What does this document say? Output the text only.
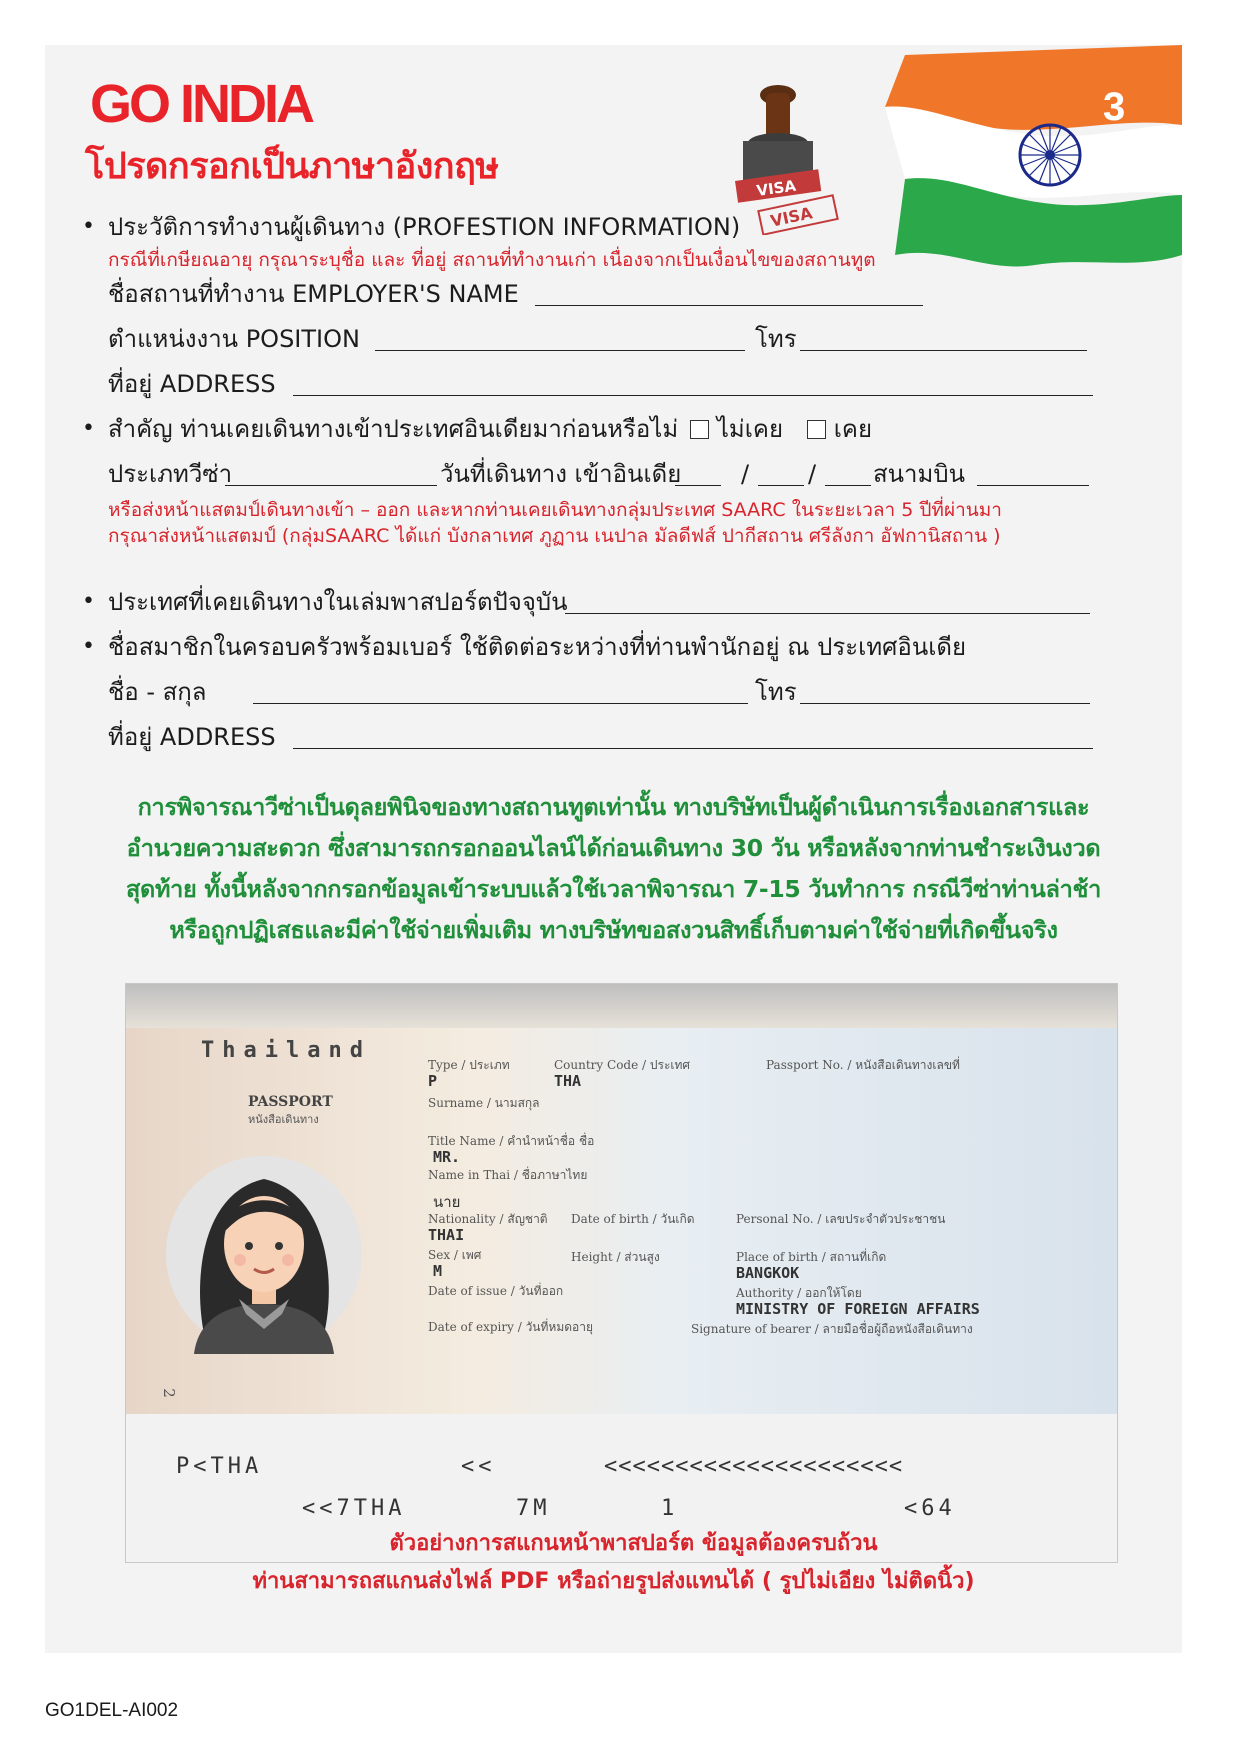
GO INDIA
โปรดกรอกเป็นภาษาอังกฤษ
VISA
VISA
3
• ประวัติการทำงานผู้เดินทาง (PROFESTION INFORMATION)
กรณีที่เกษียณอายุ กรุณาระบุชื่อ และ ที่อยู่ สถานที่ทำงานเก่า เนื่องจากเป็นเงื่อนไขของสถานทูต
ชื่อสถานที่ทำงาน EMPLOYER'S NAME
ตำแหน่งงาน POSITION	โทร
ที่อยู่ ADDRESS
• สำคัญ ท่านเคยเดินทางเข้าประเทศอินเดียมาก่อนหรือไม่ ไม่เคย เคย
ประเภทวีซ่า	วันที่เดินทาง เข้าอินเดีย / / สนามบิน
หรือส่งหน้าแสตมป์เดินทางเข้า – ออก และหากท่านเคยเดินทางกลุ่มประเทศ SAARC ในระยะเวลา 5 ปีที่ผ่านมา
กรุณาส่งหน้าแสตมป์ (กลุ่มSAARC ได้แก่ บังกลาเทศ ภูฏาน เนปาล มัลดีฟส์ ปากีสถาน ศรีลังกา อัฟกานิสถาน )
• ประเทศที่เคยเดินทางในเล่มพาสปอร์ตปัจจุบัน
• ชื่อสมาชิกในครอบครัวพร้อมเบอร์ ใช้ติดต่อระหว่างที่ท่านพำนักอยู่ ณ ประเทศอินเดีย
ชื่อ - สกุล	โทร
ที่อยู่ ADDRESS
การพิจารณาวีซ่าเป็นดุลยพินิจของทางสถานทูตเท่านั้น ทางบริษัทเป็นผู้ดำเนินการเรื่องเอกสารและ
อำนวยความสะดวก ซึ่งสามารถกรอกออนไลน์ได้ก่อนเดินทาง 30 วัน หรือหลังจากท่านชำระเงินงวด
สุดท้าย ทั้งนี้หลังจากกรอกข้อมูลเข้าระบบแล้วใช้เวลาพิจารณา 7-15 วันทำการ กรณีวีซ่าท่านล่าช้า
หรือถูกปฏิเสธและมีค่าใช้จ่ายเพิ่มเติม ทางบริษัทขอสงวนสิทธิ์เก็บตามค่าใช้จ่ายที่เกิดขึ้นจริง
Thailand
PASSPORT
หนังสือเดินทาง
Type / ประเภท
P
Country Code / ประเทศ
THA
Passport No. / หนังสือเดินทางเลขที่
Surname / นามสกุล
Title Name / คำนำหน้าชื่อ ชื่อ
MR.
Name in Thai / ชื่อภาษาไทย
นาย
Nationality / สัญชาติ
THAI
Date of birth / วันเกิด	Personal No. / เลขประจำตัวประชาชน
Sex / เพศ
M
Height / ส่วนสูง	Place of birth / สถานที่เกิด
BANGKOK
Date of issue / วันที่ออก	Authority / ออกให้โดย
MINISTRY OF FOREIGN AFFAIRS
Date of expiry / วันที่หมดอายุ	Signature of bearer / ลายมือชื่อผู้ถือหนังสือเดินทาง
2
P<THA	<<	<<<<<<<<<<<<<<<<<<<<<
<<7THA	7M	1	<64
ตัวอย่างการสแกนหน้าพาสปอร์ต ข้อมูลต้องครบถ้วน
ท่านสามารถสแกนส่งไฟล์ PDF หรือถ่ายรูปส่งแทนได้ ( รูปไม่เอียง ไม่ติดนิ้ว)
GO1DEL-AI002
